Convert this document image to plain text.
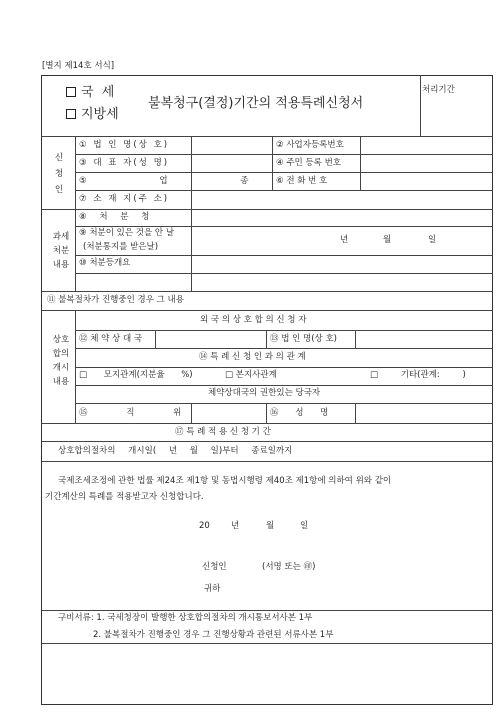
[별지 제14호 서식]
국 세
지방세
불복청구(결정)기간의 적용특례신청서
처리기간
신청인
① 법 인 명(상 호)	② 사업자등록번호
③ 대 표 자(성 명)	④ 주민 등록 번호
⑤ 업 종	⑥ 전 화 번 호
⑦ 소 재 지(주 소)
과세처분내용
⑧ 처 분 청
⑨ 처분이 있은 것을 안 날
(처분통지를 받은날)
년	월	일
⑩ 처분등개요
⑪ 불복절차가 진행중인 경우 그 내용
상호합의개시내용
외 국 의 상 호 합 의 신 청 자
⑫ 체 약 상 대 국	⑬ 법 인 명(상 호)
⑭ 특 례 신 청 인 과 의 관 계
□ 모지관계(지분율 %)	□ 본지사관계	□ 기타(관계: )
체약상대국의 권한있는 당국자
⑮ 직 위	⑯ 성 명
⑰ 특 례 적 용 신 청 기 간
상호합의절차의 개시일( 년 월 일)부터 종료일까지
국제조세조정에 관한 법률 제24조 제1항 및 동법시행령 제40조 제1항에 의하여 위와 같이
기간계산의 특례를 적용받고자 신청합니다.
20 년	월	일
신청인	(서명 또는 ㊞)
귀하
구비서류: 1. 국세청장이 발행한 상호합의절차의 개시통보서사본 1부
2. 불복절차가 진행중인 경우 그 진행상황과 관련된 서류사본 1부
